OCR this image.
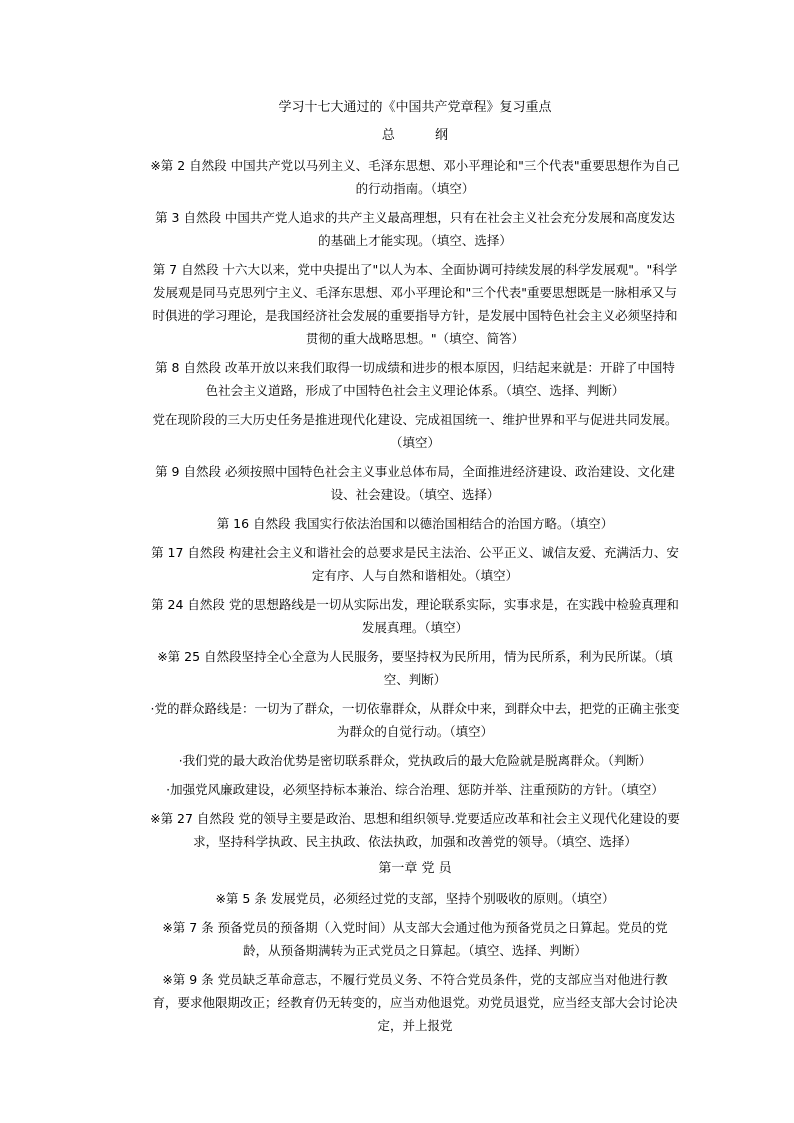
学习十七大通过的《中国共产党章程》复习重点
总 纲

※第 2 自然段 中国共产党以马列主义、毛泽东思想、邓小平理论和"三个代表"重要思想作为自己的行动指南。（填空）

第 3 自然段 中国共产党人追求的共产主义最高理想，只有在社会主义社会充分发展和高度发达的基础上才能实现。（填空、选择）

第 7 自然段 十六大以来，党中央提出了"以人为本、全面协调可持续发展的科学发展观"。"科学发展观是同马克思列宁主义、毛泽东思想、邓小平理论和"三个代表"重要思想既是一脉相承又与时俱进的学习理论，是我国经济社会发展的重要指导方针，是发展中国特色社会主义必须坚持和贯彻的重大战略思想。"（填空、简答）

第 8 自然段 改革开放以来我们取得一切成绩和进步的根本原因，归结起来就是：开辟了中国特色社会主义道路，形成了中国特色社会主义理论体系。（填空、选择、判断）

党在现阶段的三大历史任务是推进现代化建设、完成祖国统一、维护世界和平与促进共同发展。（填空）

第 9 自然段 必须按照中国特色社会主义事业总体布局，全面推进经济建设、政治建设、文化建设、社会建设。（填空、选择）

第 16 自然段 我国实行依法治国和以德治国相结合的治国方略。（填空）

第 17 自然段 构建社会主义和谐社会的总要求是民主法治、公平正义、诚信友爱、充满活力、安定有序、人与自然和谐相处。（填空）

第 24 自然段 党的思想路线是一切从实际出发，理论联系实际，实事求是，在实践中检验真理和发展真理。（填空）

※第 25 自然段坚持全心全意为人民服务，要坚持权为民所用，情为民所系，利为民所谋。（填空、判断）

·党的群众路线是：一切为了群众，一切依靠群众，从群众中来，到群众中去，把党的正确主张变为群众的自觉行动。（填空）

·我们党的最大政治优势是密切联系群众，党执政后的最大危险就是脱离群众。（判断）

·加强党风廉政建设，必须坚持标本兼治、综合治理、惩防并举、注重预防的方针。（填空）

※第 27 自然段 党的领导主要是政治、思想和组织领导.党要适应改革和社会主义现代化建设的要求，坚持科学执政、民主执政、依法执政，加强和改善党的领导。（填空、选择）

第一章 党 员

※第 5 条 发展党员，必须经过党的支部，坚持个别吸收的原则。（填空）

※第 7 条 预备党员的预备期（入党时间）从支部大会通过他为预备党员之日算起。党员的党龄，从预备期满转为正式党员之日算起。（填空、选择、判断）

※第 9 条 党员缺乏革命意志，不履行党员义务、不符合党员条件，党的支部应当对他进行教育，要求他限期改正；经教育仍无转变的，应当劝他退党。劝党员退党，应当经支部大会讨论决定，并上报党
